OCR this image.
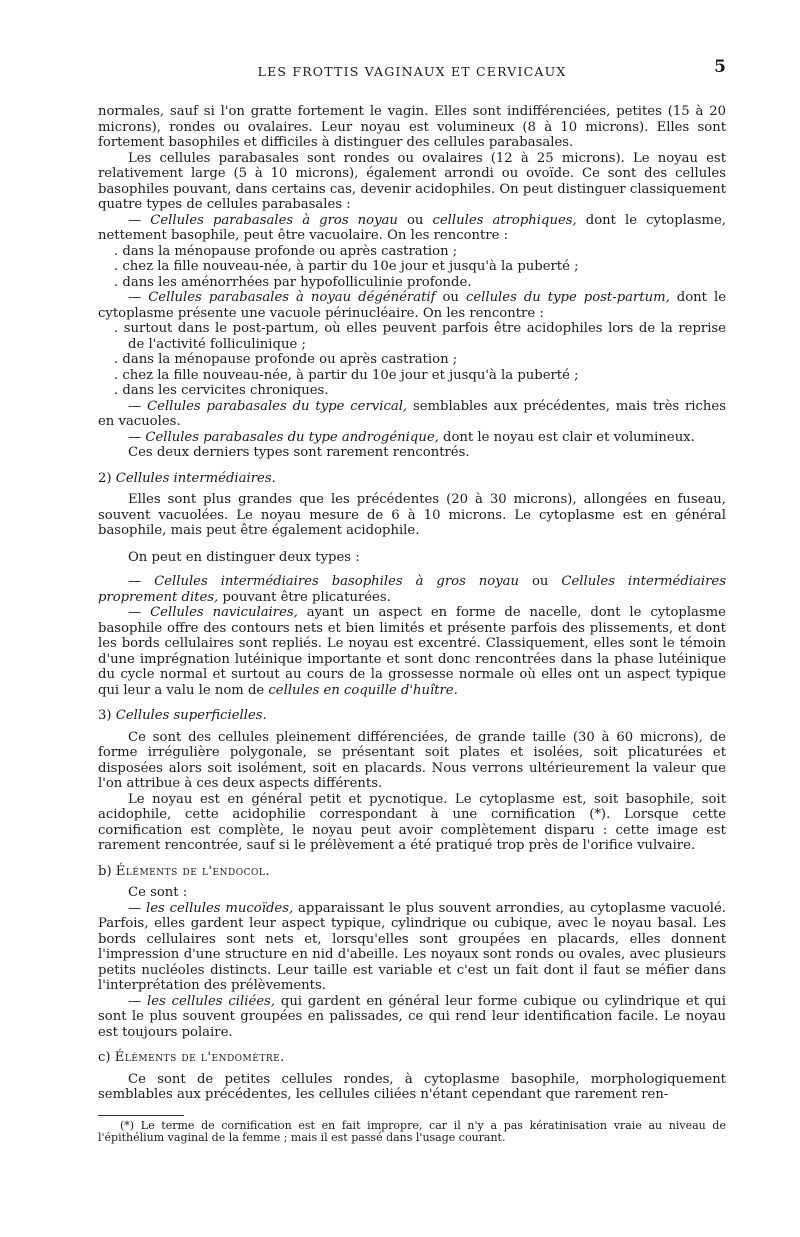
LES FROTTIS VAGINAUX ET CERVICAUX	5

normales, sauf si l'on gratte fortement le vagin. Elles sont indifférenciées, petites (15 à 20 microns), rondes ou ovalaires. Leur noyau est volumineux (8 à 10 microns). Elles sont fortement basophiles et difficiles à distinguer des cellules parabasales.

Les cellules parabasales sont rondes ou ovalaires (12 à 25 microns). Le noyau est relativement large (5 à 10 microns), également arrondi ou ovoïde. Ce sont des cellules basophiles pouvant, dans certains cas, devenir acidophiles. On peut distinguer classiquement quatre types de cellules parabasales :

— Cellules parabasales à gros noyau ou cellules atrophiques, dont le cytoplasme, nettement basophile, peut être vacuolaire. On les rencontre :

. dans la ménopause profonde ou après castration ;

. chez la fille nouveau-née, à partir du 10e jour et jusqu'à la puberté ;

. dans les aménorrhées par hypofolliculinie profonde.

— Cellules parabasales à noyau dégénératif ou cellules du type post-partum, dont le cytoplasme présente une vacuole périnucléaire. On les rencontre :

. surtout dans le post-partum, où elles peuvent parfois être acidophiles lors de la reprise de l'activité folliculinique ;

. dans la ménopause profonde ou après castration ;

. chez la fille nouveau-née, à partir du 10e jour et jusqu'à la puberté ;

. dans les cervicites chroniques.

— Cellules parabasales du type cervical, semblables aux précédentes, mais très riches en vacuoles.

— Cellules parabasales du type androgénique, dont le noyau est clair et volumineux.

Ces deux derniers types sont rarement rencontrés.

2) Cellules intermédiaires.

Elles sont plus grandes que les précédentes (20 à 30 microns), allongées en fuseau, souvent vacuolées. Le noyau mesure de 6 à 10 microns. Le cytoplasme est en général basophile, mais peut être également acidophile.

On peut en distinguer deux types :

— Cellules intermédiaires basophiles à gros noyau ou Cellules intermédiaires proprement dites, pouvant être plicaturées.

— Cellules naviculaires, ayant un aspect en forme de nacelle, dont le cytoplasme basophile offre des contours nets et bien limités et présente parfois des plissements, et dont les bords cellulaires sont repliés. Le noyau est excentré. Classiquement, elles sont le témoin d'une imprégnation lutéinique importante et sont donc rencontrées dans la phase lutéinique du cycle normal et surtout au cours de la grossesse normale où elles ont un aspect typique qui leur a valu le nom de cellules en coquille d'huître.

3) Cellules superficielles.

Ce sont des cellules pleinement différenciées, de grande taille (30 à 60 microns), de forme irrégulière polygonale, se présentant soit plates et isolées, soit plicaturées et disposées alors soit isolément, soit en placards. Nous verrons ultérieurement la valeur que l'on attribue à ces deux aspects différents.

Le noyau est en général petit et pycnotique. Le cytoplasme est, soit basophile, soit acidophile, cette acidophilie correspondant à une cornification (*). Lorsque cette cornification est complète, le noyau peut avoir complètement disparu : cette image est rarement rencontrée, sauf si le prélèvement a été pratiqué trop près de l'orifice vulvaire.

b) Éléments de l'endocol.

Ce sont :

— les cellules mucoïdes, apparaissant le plus souvent arrondies, au cytoplasme vacuolé. Parfois, elles gardent leur aspect typique, cylindrique ou cubique, avec le noyau basal. Les bords cellulaires sont nets et, lorsqu'elles sont groupées en placards, elles donnent l'impression d'une structure en nid d'abeille. Les noyaux sont ronds ou ovales, avec plusieurs petits nucléoles distincts. Leur taille est variable et c'est un fait dont il faut se méfier dans l'interprétation des prélèvements.

— les cellules ciliées, qui gardent en général leur forme cubique ou cylindrique et qui sont le plus souvent groupées en palissades, ce qui rend leur identification facile. Le noyau est toujours polaire.

c) Éléments de l'endomètre.

Ce sont de petites cellules rondes, à cytoplasme basophile, morphologiquement semblables aux précédentes, les cellules ciliées n'étant cependant que rarement ren-

(*) Le terme de cornification est en fait impropre, car il n'y a pas kératinisation vraie au niveau de l'épithélium vaginal de la femme ; mais il est passé dans l'usage courant.
